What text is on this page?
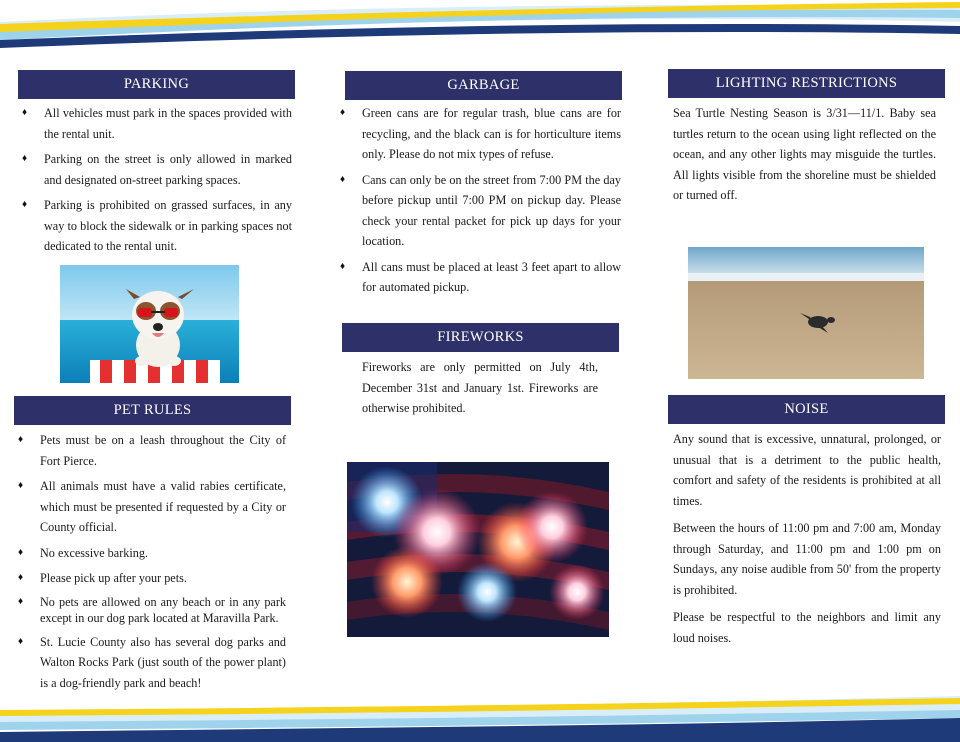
PARKING
♦ All vehicles must park in the spaces provided with the rental unit.
♦ Parking on the street is only allowed in marked and designated on-street parking spaces.
♦ Parking is prohibited on grassed surfaces, in any way to block the sidewalk or in parking spaces not dedicated to the rental unit.
PET RULES
♦ Pets must be on a leash throughout the City of Fort Pierce.
♦ All animals must have a valid rabies certificate, which must be presented if requested by a City or County official.
♦ No excessive barking.
♦ Please pick up after your pets.
♦ No pets are allowed on any beach or in any park except in our dog park located at Maravilla Park.
♦ St. Lucie County also has several dog parks and Walton Rocks Park (just south of the power plant) is a dog-friendly park and beach!
GARBAGE
♦ Green cans are for regular trash, blue cans are for recycling, and the black can is for horticulture items only. Please do not mix types of refuse.
♦ Cans can only be on the street from 7:00 PM the day before pickup until 7:00 PM on pickup day. Please check your rental packet for pick up days for your location.
♦ All cans must be placed at least 3 feet apart to allow for automated pickup.
FIREWORKS

Fireworks are only permitted on July 4th, December 31st and January 1st. Fireworks are otherwise prohibited.

LIGHTING RESTRICTIONS

Sea Turtle Nesting Season is 3/31—11/1. Baby sea turtles return to the ocean using light reflected on the ocean, and any other lights may misguide the turtles. All lights visible from the shoreline must be shielded or turned off.

NOISE

Any sound that is excessive, unnatural, prolonged, or unusual that is a detriment to the public health, comfort and safety of the residents is prohibited at all times.

Between the hours of 11:00 pm and 7:00 am, Monday through Saturday, and 11:00 pm and 1:00 pm on Sundays, any noise audible from 50' from the property is prohibited.

Please be respectful to the neighbors and limit any loud noises.
